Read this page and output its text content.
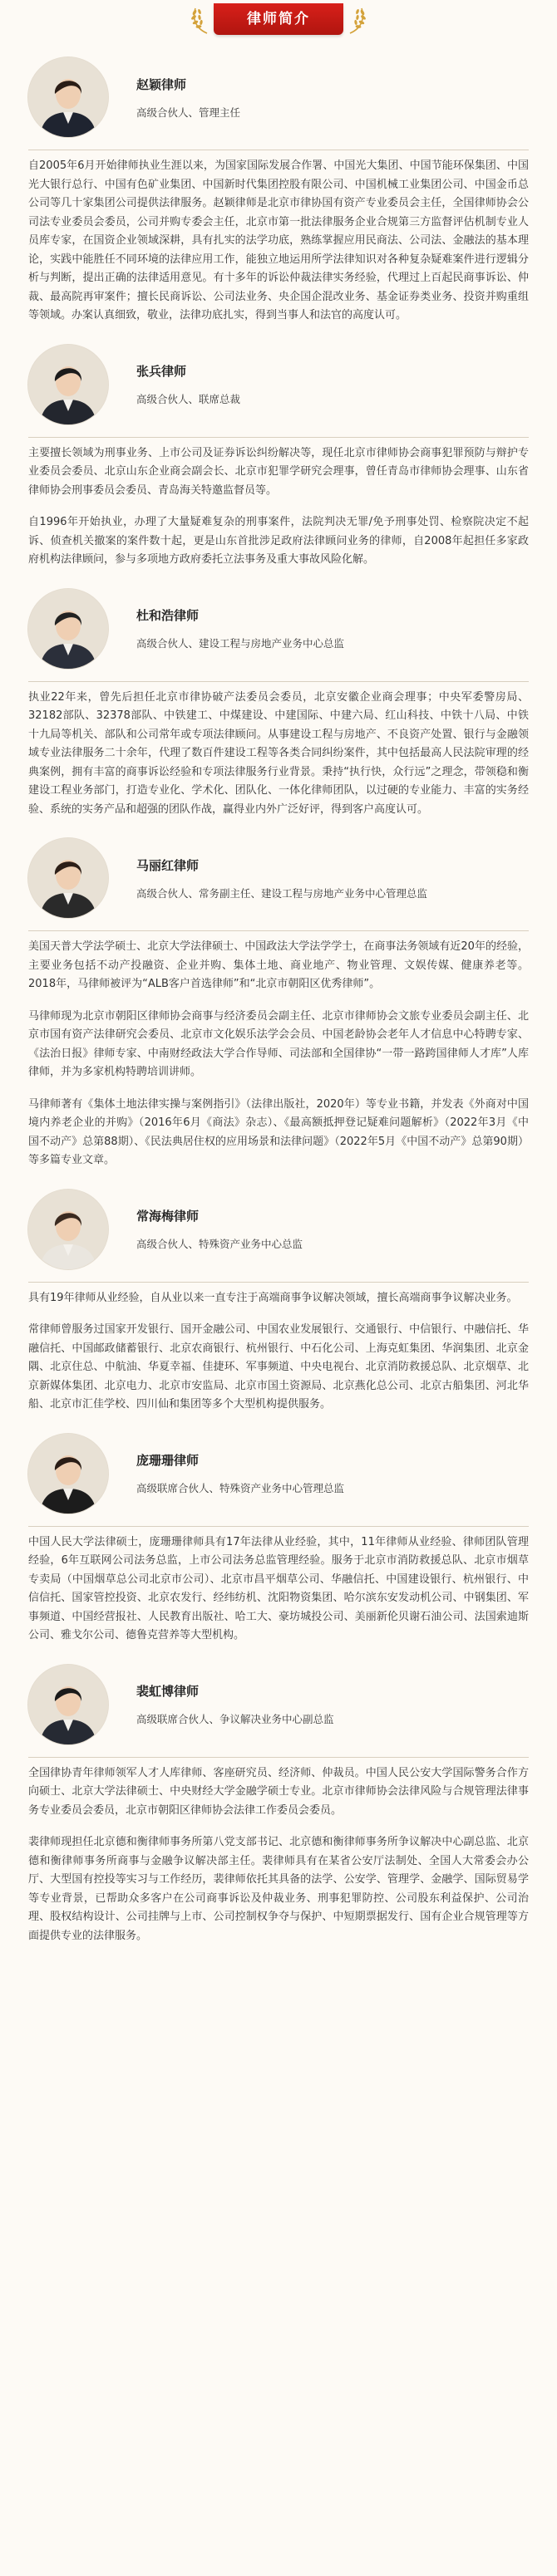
律师简介
赵颖律师
高级合伙人、管理主任

自2005年6月开始律师执业生涯以来，为国家国际发展合作署、中国光大集团、中国节能环保集团、中国光大银行总行、中国有色矿业集团、中国新时代集团控股有限公司、中国机械工业集团公司、中国金币总公司等几十家集团公司提供法律服务。赵颖律师是北京市律协国有资产专业委员会主任，全国律师协会公司法专业委员会委员，公司并购专委会主任，北京市第一批法律服务企业合规第三方监督评估机制专业人员库专家，在国资企业领域深耕，具有扎实的法学功底，熟练掌握应用民商法、公司法、金融法的基本理论，实践中能胜任不同环境的法律应用工作，能独立地运用所学法律知识对各种复杂疑难案件进行逻辑分析与判断，提出正确的法律适用意见。有十多年的诉讼仲裁法律实务经验，代理过上百起民商事诉讼、仲裁、最高院再审案件；擅长民商诉讼、公司法业务、央企国企混改业务、基金证券类业务、投资并购重组等领域。办案认真细致，敬业，法律功底扎实，得到当事人和法官的高度认可。

张兵律师
高级合伙人、联席总裁

主要擅长领域为刑事业务、上市公司及证券诉讼纠纷解决等，现任北京市律师协会商事犯罪预防与辩护专业委员会委员、北京山东企业商会副会长、北京市犯罪学研究会理事，曾任青岛市律师协会理事、山东省律师协会刑事委员会委员、青岛海关特邀监督员等。

自1996年开始执业，办理了大量疑难复杂的刑事案件，法院判决无罪/免予刑事处罚、检察院决定不起诉、侦查机关撤案的案件数十起，更是山东首批涉足政府法律顾问业务的律师，自2008年起担任多家政府机构法律顾问，参与多项地方政府委托立法事务及重大事故风险化解。

杜和浩律师
高级合伙人、建设工程与房地产业务中心总监

执业22年来，曾先后担任北京市律协破产法委员会委员，北京安徽企业商会理事；中央军委警房局、32182部队、32378部队、中铁建工、中煤建设、中建国际、中建六局、红山科技、中铁十八局、中铁十九局等机关、部队和公司常年或专项法律顾问。从事建设工程与房地产、不良资产处置、银行与金融领域专业法律服务二十余年，代理了数百件建设工程等各类合同纠纷案件，其中包括最高人民法院审理的经典案例，拥有丰富的商事诉讼经验和专项法律服务行业背景。秉持“执行快，众行远”之理念，带领稳和衡建设工程业务部门，打造专业化、学术化、团队化、一体化律师团队，以过硬的专业能力、丰富的实务经验、系统的实务产品和超强的团队作战，赢得业内外广泛好评，得到客户高度认可。

马丽红律师
高级合伙人、常务副主任、建设工程与房地产业务中心管理总监

美国天普大学法学硕士、北京大学法律硕士、中国政法大学法学学士，在商事法务领域有近20年的经验，主要业务包括不动产投融资、企业并购、集体土地、商业地产、物业管理、文娱传媒、健康养老等。2018年，马律师被评为“ALB客户首选律师”和“北京市朝阳区优秀律师”。

马律师现为北京市朝阳区律师协会商事与经济委员会副主任、北京市律师协会文旅专业委员会副主任、北京市国有资产法律研究会委员、北京市文化娱乐法学会会员、中国老龄协会老年人才信息中心特聘专家、《法治日报》律师专家、中南财经政法大学合作导师、司法部和全国律协“一带一路跨国律师人才库”人库律师，并为多家机构特聘培训讲师。

马律师著有《集体土地法律实操与案例指引》（法律出版社，2020年）等专业书籍，并发表《外商对中国境内养老企业的并购》（2016年6月《商法》杂志）、《最高额抵押登记疑难问题解析》（2022年3月《中国不动产》总第88期）、《民法典居住权的应用场景和法律问题》（2022年5月《中国不动产》总第90期）等多篇专业文章。

常海梅律师
高级合伙人、特殊资产业务中心总监

具有19年律师从业经验，自从业以来一直专注于高端商事争议解决领域，擅长高端商事争议解决业务。

常律师曾服务过国家开发银行、国开金融公司、中国农业发展银行、交通银行、中信银行、中融信托、华融信托、中国邮政储蓄银行、北京农商银行、杭州银行、中石化公司、上海克虹集团、华润集团、北京金隅、北京住总、中航油、华夏幸福、佳捷环、军事频道、中央电视台、北京消防救援总队、北京烟草、北京新媒体集团、北京电力、北京市安监局、北京市国土资源局、北京燕化总公司、北京古船集团、河北华船、北京市汇佳学校、四川仙和集团等多个大型机构提供服务。

庞珊珊律师
高级联席合伙人、特殊资产业务中心管理总监

中国人民大学法律硕士，庞珊珊律师具有17年法律从业经验，其中，11年律师从业经验、律师团队管理经验，6年互联网公司法务总监，上市公司法务总监管理经验。服务于北京市消防救援总队、北京市烟草专卖局（中国烟草总公司北京市公司）、北京市昌平烟草公司、华融信托、中国建设银行、杭州银行、中信信托、国家管控投资、北京农发行、经纬纺机、沈阳物资集团、哈尔滨东安发动机公司、中钢集团、军事频道、中国经营报社、人民教育出版社、哈工大、豪坊城投公司、美丽新伦贝谢石油公司、法国索迪斯公司、雅戈尔公司、德鲁克营养等大型机构。

裴虹博律师
高级联席合伙人、争议解决业务中心副总监

全国律协青年律师领军人才人库律师、客座研究员、经济师、仲裁员。中国人民公安大学国际警务合作方向硕士、北京大学法律硕士、中央财经大学金融学硕士专业。北京市律师协会法律风险与合规管理法律事务专业委员会委员，北京市朝阳区律师协会法律工作委员会委员。

裴律师现担任北京德和衡律师事务所第八党支部书记、北京德和衡律师事务所争议解决中心副总监、北京德和衡律师事务所商事与金融争议解决部主任。裴律师具有在某省公安厅法制处、全国人大常委会办公厅、大型国有控投等实习与工作经历，裴律师依托其具备的法学、公安学、管理学、金融学、国际贸易学等专业背景，已帮助众多客户在公司商事诉讼及仲裁业务、刑事犯罪防控、公司股东利益保护、公司治理、股权结构设计、公司挂牌与上市、公司控制权争夺与保护、中短期票据发行、国有企业合规管理等方面提供专业的法律服务。
